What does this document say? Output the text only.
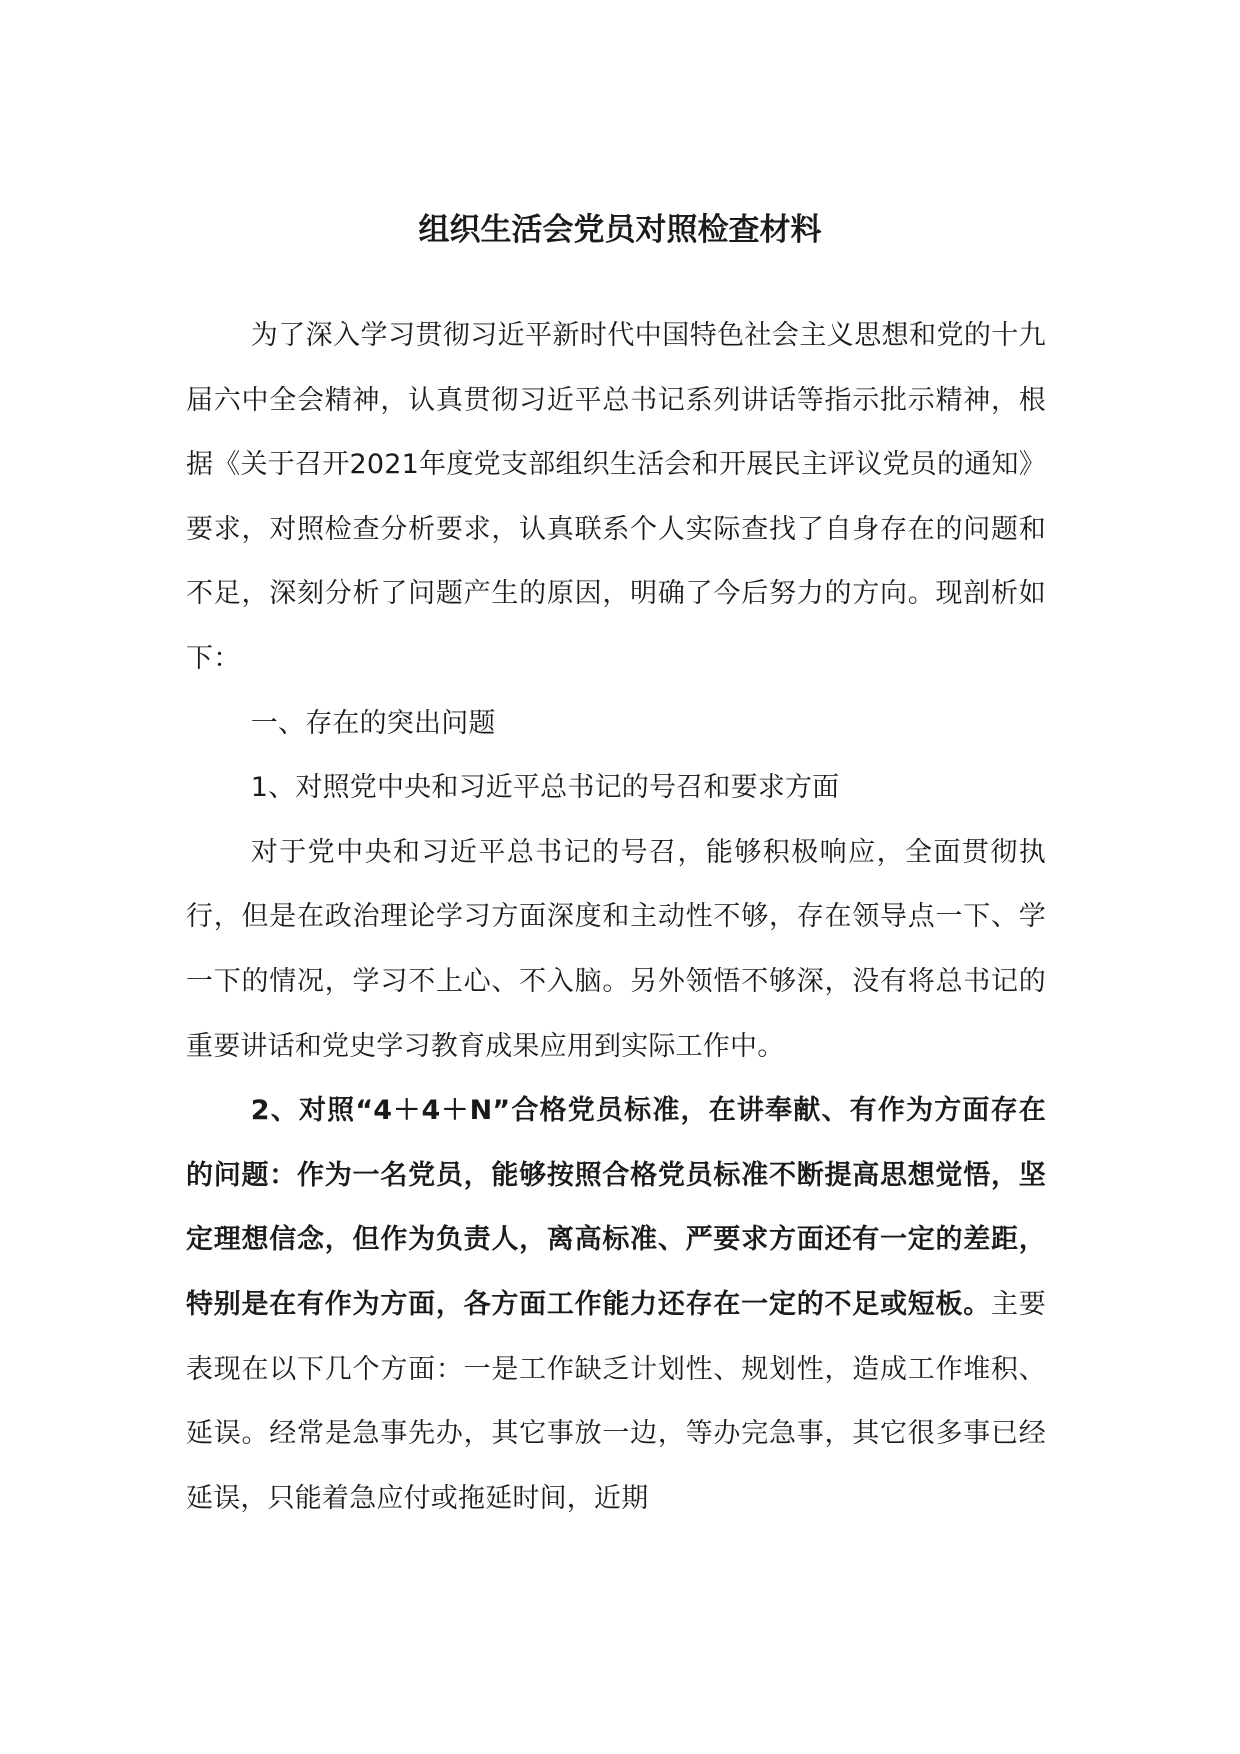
组织生活会党员对照检查材料

为了深入学习贯彻习近平新时代中国特色社会主义思想和党的十九届六中全会精神，认真贯彻习近平总书记系列讲话等指示批示精神，根据《关于召开2021年度党支部组织生活会和开展民主评议党员的通知》要求，对照检查分析要求，认真联系个人实际查找了自身存在的问题和不足，深刻分析了问题产生的原因，明确了今后努力的方向。现剖析如下：

一、存在的突出问题

1、对照党中央和习近平总书记的号召和要求方面

对于党中央和习近平总书记的号召，能够积极响应，全面贯彻执行，但是在政治理论学习方面深度和主动性不够，存在领导点一下、学一下的情况，学习不上心、不入脑。另外领悟不够深，没有将总书记的重要讲话和党史学习教育成果应用到实际工作中。

2、对照“4＋4＋N”合格党员标准，在讲奉献、有作为方面存在的问题：作为一名党员，能够按照合格党员标准不断提高思想觉悟，坚定理想信念，但作为负责人，离高标准、严要求方面还有一定的差距，特别是在有作为方面，各方面工作能力还存在一定的不足或短板。主要表现在以下几个方面：一是工作缺乏计划性、规划性，造成工作堆积、延误。经常是急事先办，其它事放一边，等办完急事，其它很多事已经延误，只能着急应付或拖延时间，近期
